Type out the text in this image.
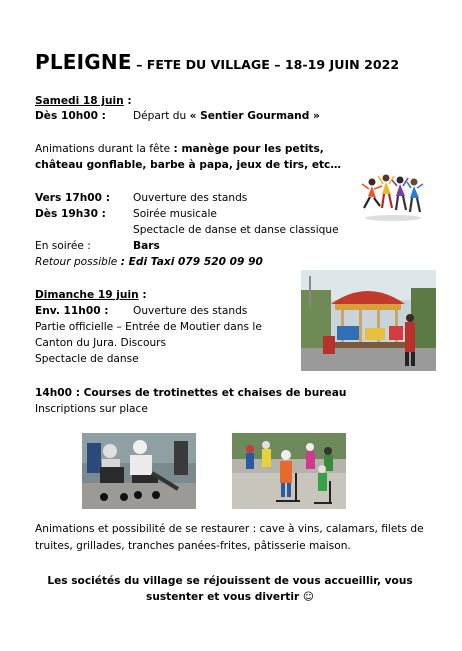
PLEIGNE – FETE DU VILLAGE – 18-19 JUIN 2022
Samedi 18 juin :
Dès 10h00 :	Départ du « Sentier Gourmand »
Animations durant la fête : manège pour les petits,
château gonflable, barbe à papa, jeux de tirs, etc…
Vers 17h00 : Ouverture des stands
Dès 19h30 :	Soirée musicale
Spectacle de danse et danse classique
En soirée :	Bars
Retour possible : Edi Taxi 079 520 09 90
Dimanche 19 juin :
Env. 11h00 : Ouverture des stands
Partie officielle – Entrée de Moutier dans le
Canton du Jura. Discours
Spectacle de danse
14h00 : Courses de trotinettes et chaises de bureau
Inscriptions sur place
Animations et possibilité de se restaurer : cave à vins, calamars, filets de
truites, grillades, tranches panées-frites, pâtisserie maison.
Les sociétés du village se réjouissent de vous accueillir, vous
sustenter et vous divertir ☺
